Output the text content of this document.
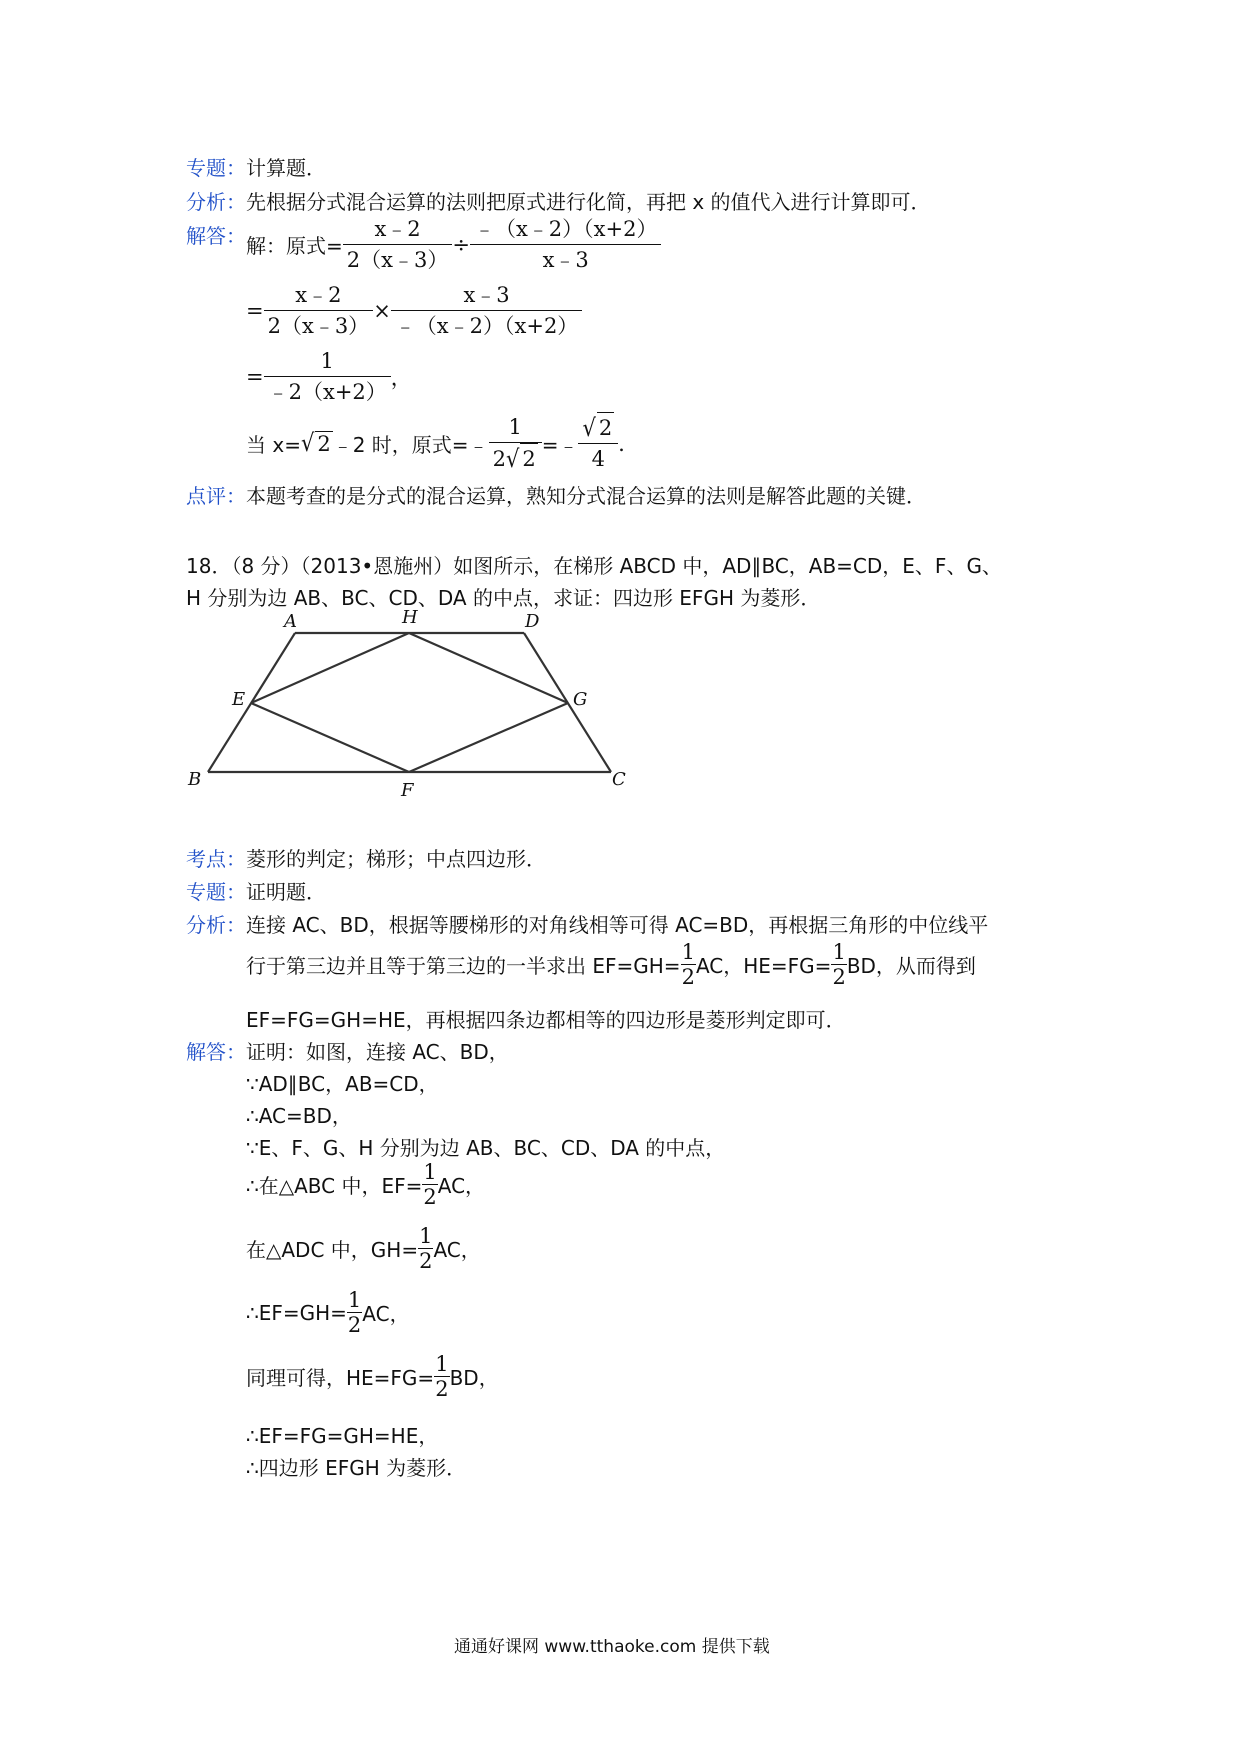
专题： 计算题．
分析： 先根据分式混合运算的法则把原式进行化简，再把 x 的值代入进行计算即可．
解答： 解：原式= $\frac{x﹣2}{2(x﹣3)} \div \frac{﹣(x﹣2)(x+2)}{x﹣3}$
= $\frac{x﹣2}{2(x﹣3)} \times \frac{x﹣3}{﹣(x﹣2)(x+2)}$
= $\frac{1}{﹣2(x+2)}$ ，
当 x= √ 2 ﹣2 时，原式=﹣ $\frac{1}{2√ 2}$ =﹣ $\frac{√ 2}{4}$ ．
点评： 本题考查的是分式的混合运算，熟知分式混合运算的法则是解答此题的关键．
18．（8 分）（2013•恩施州）如图所示，在梯形 ABCD 中，AD∥BC，AB=CD，E、F、G、
H 分别为边 AB、BC、CD、DA 的中点，求证：四边形 EFGH 为菱形．
A	H	D
E	G
B
F
C
考点： 菱形的判定；梯形；中点四边形．
专题： 证明题．
分析： 连接 AC、BD，根据等腰梯形的对角线相等可得 AC=BD，再根据三角形的中位线平
行于第三边并且等于第三边的一半求出 $EF=GH= \frac{1}{2}$ AC，$HE=FG= \frac{1}{2}$ BD，从而得到
EF=FG=GH=HE，再根据四条边都相等的四边形是菱形判定即可．
解答： 证明：如图，连接 AC、BD，
∵AD∥BC，AB=CD，
∴AC=BD，
∵E、F、G、H 分别为边 AB、BC、CD、DA 的中点，
∴在△ABC 中，$EF= \frac{1}{2}$ AC，
在△ADC 中，$GH= \frac{1}{2}$ AC，
∴EF=GH= $\frac{1}{2}$ AC，
同理可得，$HE=FG= \frac{1}{2}$ BD，
∴EF=FG=GH=HE，
∴四边形 EFGH 为菱形．
通通好课网 www.tthaoke.com 提供下载
